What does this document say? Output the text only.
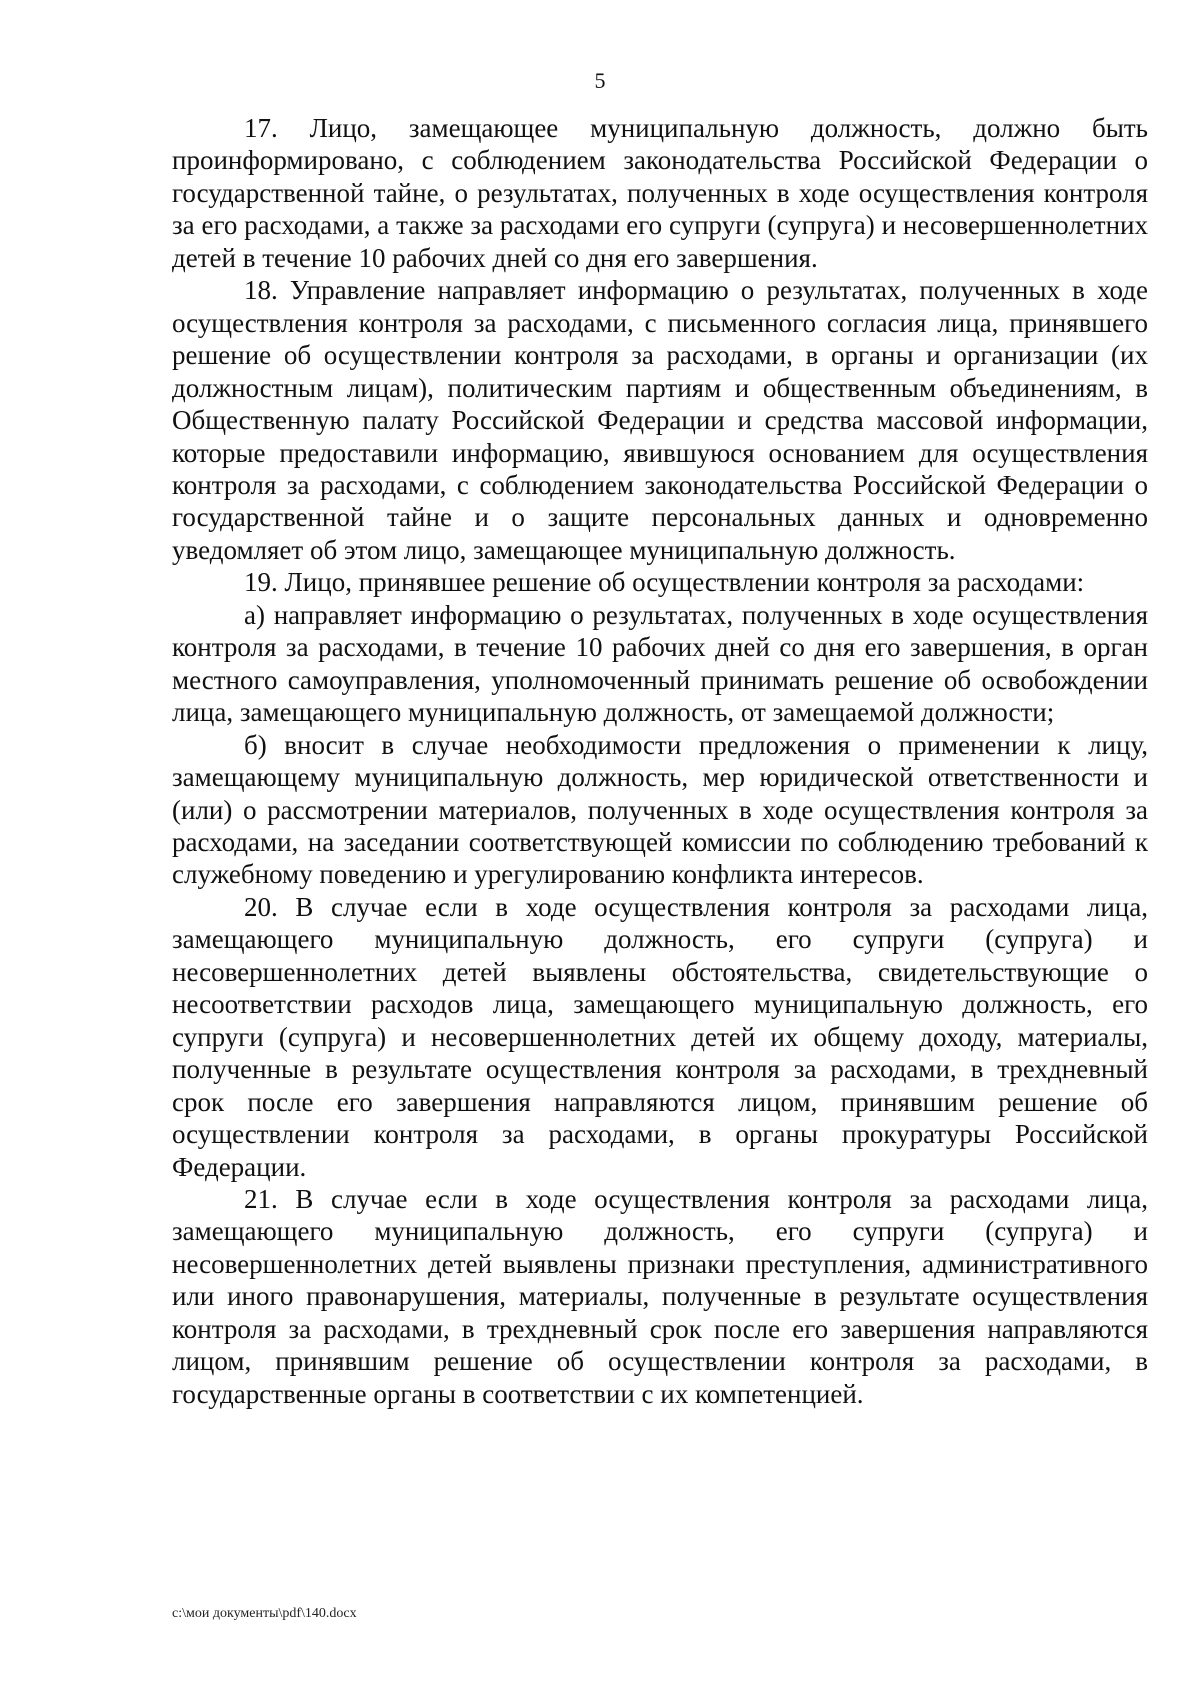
5

17. Лицо, замещающее муниципальную должность, должно быть проинформировано, с соблюдением законодательства Российской Федерации о государственной тайне, о результатах, полученных в ходе осуществления контроля за его расходами, а также за расходами его супруги (супруга) и несовершеннолетних детей в течение 10 рабочих дней со дня его завершения.

18. Управление направляет информацию о результатах, полученных в ходе осуществления контроля за расходами, с письменного согласия лица, принявшего решение об осуществлении контроля за расходами, в органы и организации (их должностным лицам), политическим партиям и общественным объединениям, в Общественную палату Российской Федерации и средства массовой информации, которые предоставили информацию, явившуюся основанием для осуществления контроля за расходами, с соблюдением законодательства Российской Федерации о государственной тайне и о защите персональных данных и одновременно уведомляет об этом лицо, замещающее муниципальную должность.

19. Лицо, принявшее решение об осуществлении контроля за расходами:

а) направляет информацию о результатах, полученных в ходе осуществления контроля за расходами, в течение 10 рабочих дней со дня его завершения, в орган местного самоуправления, уполномоченный принимать решение об освобождении лица, замещающего муниципальную должность, от замещаемой должности;

б) вносит в случае необходимости предложения о применении к лицу, замещающему муниципальную должность, мер юридической ответственности и (или) о рассмотрении материалов, полученных в ходе осуществления контроля за расходами, на заседании соответствующей комиссии по соблюдению требований к служебному поведению и урегулированию конфликта интересов.

20. В случае если в ходе осуществления контроля за расходами лица, замещающего муниципальную должность, его супруги (супруга) и несовершеннолетних детей выявлены обстоятельства, свидетельствующие о несоответствии расходов лица, замещающего муниципальную должность, его супруги (супруга) и несовершеннолетних детей их общему доходу, материалы, полученные в результате осуществления контроля за расходами, в трехдневный срок после его завершения направляются лицом, принявшим решение об осуществлении контроля за расходами, в органы прокуратуры Российской Федерации.

21. В случае если в ходе осуществления контроля за расходами лица, замещающего муниципальную должность, его супруги (супруга) и несовершеннолетних детей выявлены признаки преступления, административного или иного правонарушения, материалы, полученные в результате осуществления контроля за расходами, в трехдневный срок после его завершения направляются лицом, принявшим решение об осуществлении контроля за расходами, в государственные органы в соответствии с их компетенцией.

c:\мои документы\pdf\140.docx
